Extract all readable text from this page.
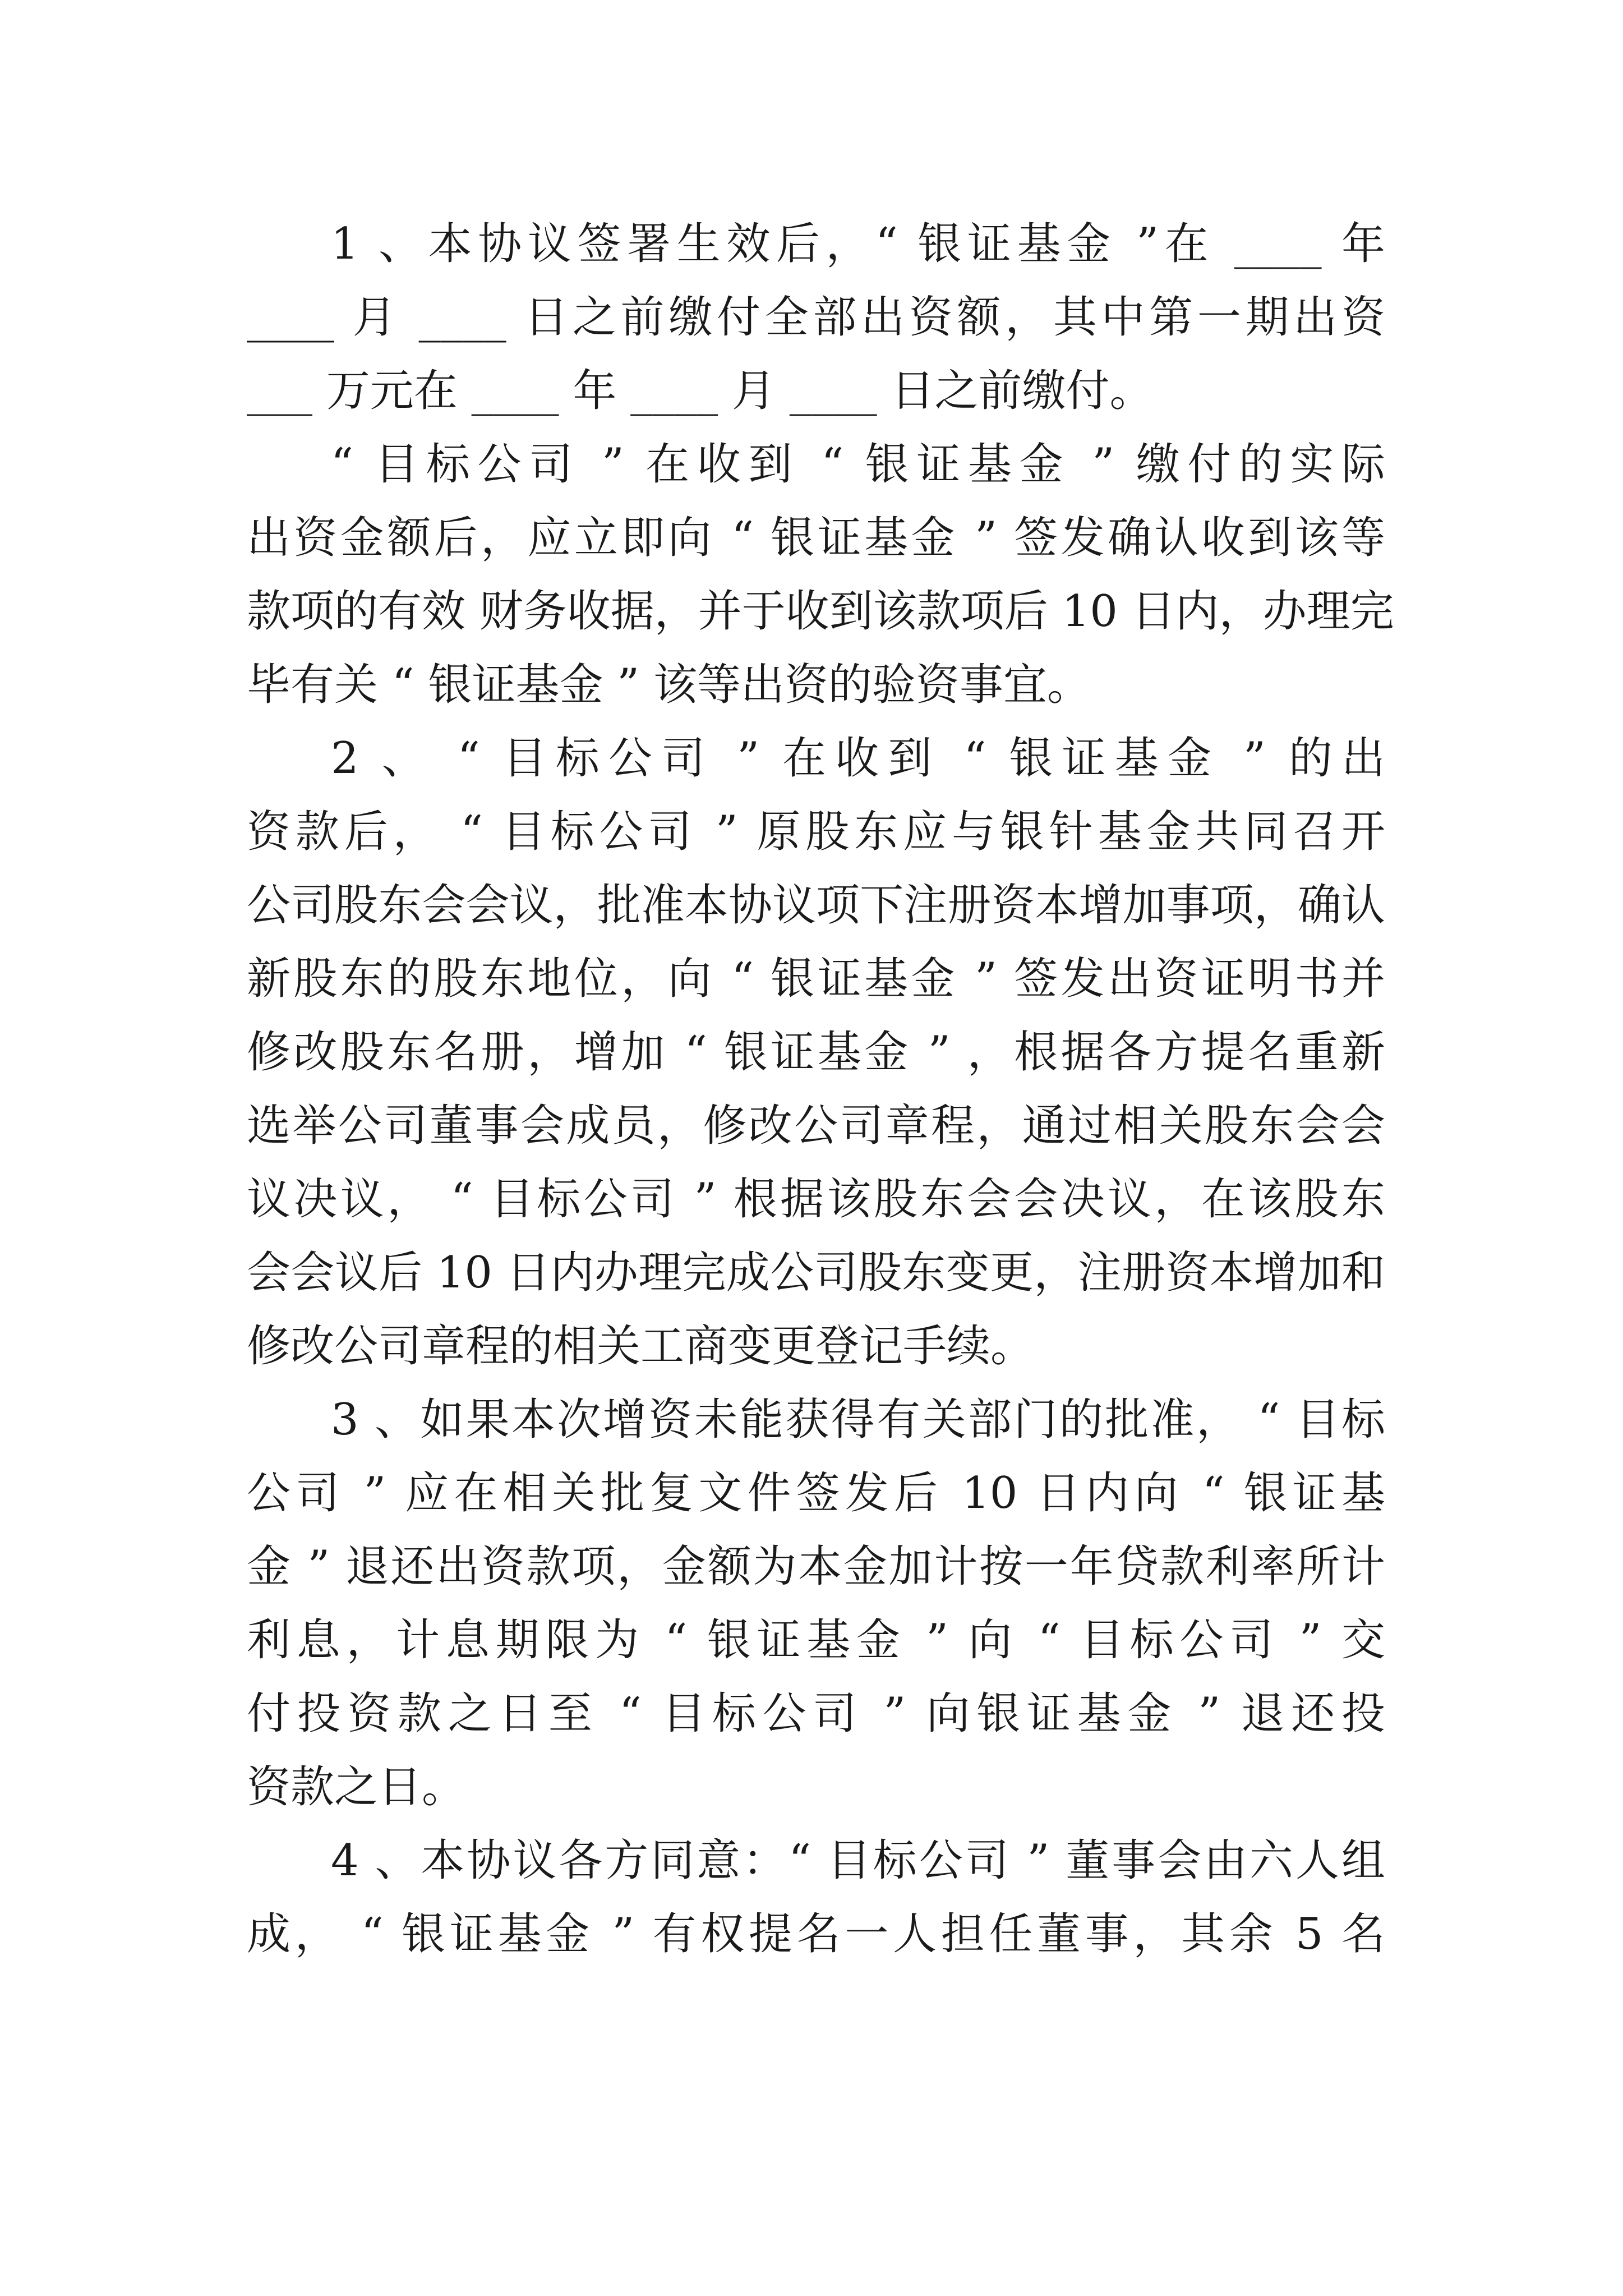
1 、本协议签署生效后，“ 银证基金 ”在 ____ 年
____ 月 ____ 日之前缴付全部出资额，其中第一期出资
___ 万元在 ____ 年 ____ 月 ____ 日之前缴付。
“ 目标公司 ” 在收到 “ 银证基金 ” 缴付的实际
出资金额后，应立即向 “ 银证基金 ” 签发确认收到该等
款项的有效 财务收据，并于收到该款项后 10 日内，办理完
毕有关 “ 银证基金 ” 该等出资的验资事宜。
2 、 “ 目标公司 ” 在收到 “ 银证基金 ” 的出
资款后， “ 目标公司 ” 原股东应与银针基金共同召开
公司股东会会议，批准本协议项下注册资本增加事项，确认
新股东的股东地位，向 “ 银证基金 ” 签发出资证明书并
修改股东名册，增加 “ 银证基金 ” ，根据各方提名重新
选举公司董事会成员，修改公司章程，通过相关股东会会
议决议， “ 目标公司 ” 根据该股东会会决议，在该股东
会会议后 10 日内办理完成公司股东变更，注册资本增加和
修改公司章程的相关工商变更登记手续。
3 、如果本次增资未能获得有关部门的批准， “ 目标
公司 ” 应在相关批复文件签发后 10 日内向 “ 银证基
金 ” 退还出资款项，金额为本金加计按一年贷款利率所计
利息，计息期限为 “ 银证基金 ” 向 “ 目标公司 ” 交
付投资款之日至 “ 目标公司 ” 向银证基金 ” 退还投
资款之日。
4 、本协议各方同意：“ 目标公司 ” 董事会由六人组
成， “ 银证基金 ” 有权提名一人担任董事，其余 5 名
